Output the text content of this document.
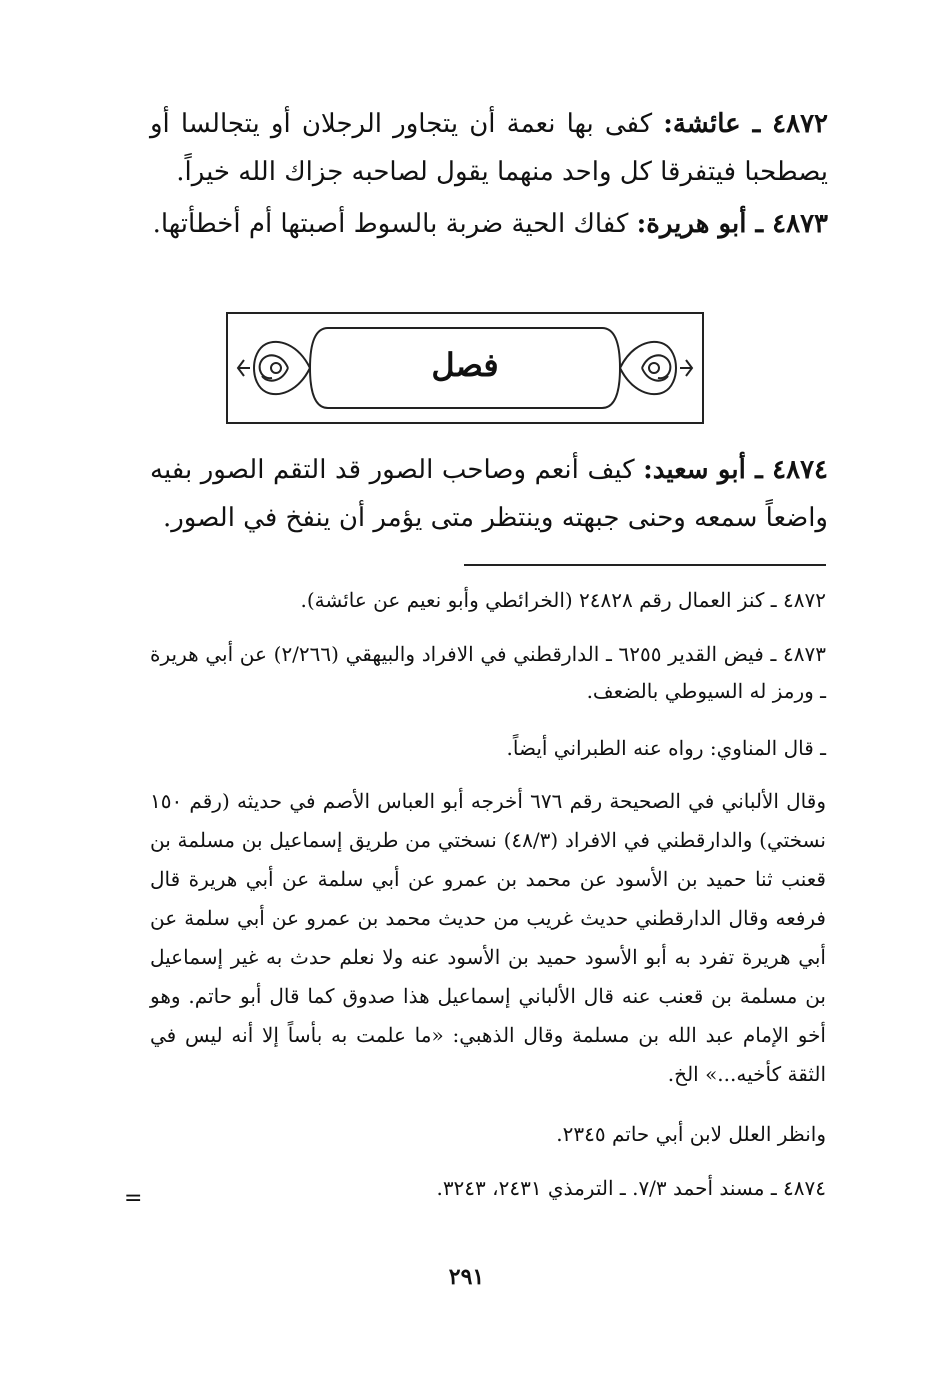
٤٨٧٢ ـ عائشة: كفى بها نعمة أن يتجاور الرجلان أو يتجالسا أو يصطحبا فيتفرقا كل واحد منهما يقول لصاحبه جزاك الله خيراً.

٤٨٧٣ ـ أبو هريرة: كفاك الحية ضربة بالسوط أصبتها أم أخطأتها.

فصل

٤٨٧٤ ـ أبو سعيد: كيف أنعم وصاحب الصور قد التقم الصور بفيه واضعاً سمعه وحنى جبهته وينتظر متى يؤمر أن ينفخ في الصور.

٤٨٧٢ ـ كنز العمال رقم ٢٤٨٢٨ (الخرائطي وأبو نعيم عن عائشة).

٤٨٧٣ ـ فيض القدير ٦٢٥٥ ـ الدارقطني في الافراد والبيهقي (٢/٢٦٦) عن أبي هريرة ـ ورمز له السيوطي بالضعف.

ـ قال المناوي: رواه عنه الطبراني أيضاً.

وقال الألباني في الصحيحة رقم ٦٧٦ أخرجه أبو العباس الأصم في حديثه (رقم ١٥٠ نسختي) والدارقطني في الافراد (٤٨/٣) نسختي من طريق إسماعيل بن مسلمة بن قعنب ثنا حميد بن الأسود عن محمد بن عمرو عن أبي سلمة عن أبي هريرة قال فرفعه وقال الدارقطني حديث غريب من حديث محمد بن عمرو عن أبي سلمة عن أبي هريرة تفرد به أبو الأسود حميد بن الأسود عنه ولا نعلم حدث به غير إسماعيل بن مسلمة بن قعنب عنه قال الألباني إسماعيل هذا صدوق كما قال أبو حاتم. وهو أخو الإمام عبد الله بن مسلمة وقال الذهبي: «ما علمت به بأساً إلا أنه ليس في الثقة كأخيه...» الخ.

وانظر العلل لابن أبي حاتم ٢٣٤٥.

٤٨٧٤ ـ مسند أحمد ٧/٣. ـ الترمذي ٢٤٣١، ٣٢٤٣.

=
٢٩١
